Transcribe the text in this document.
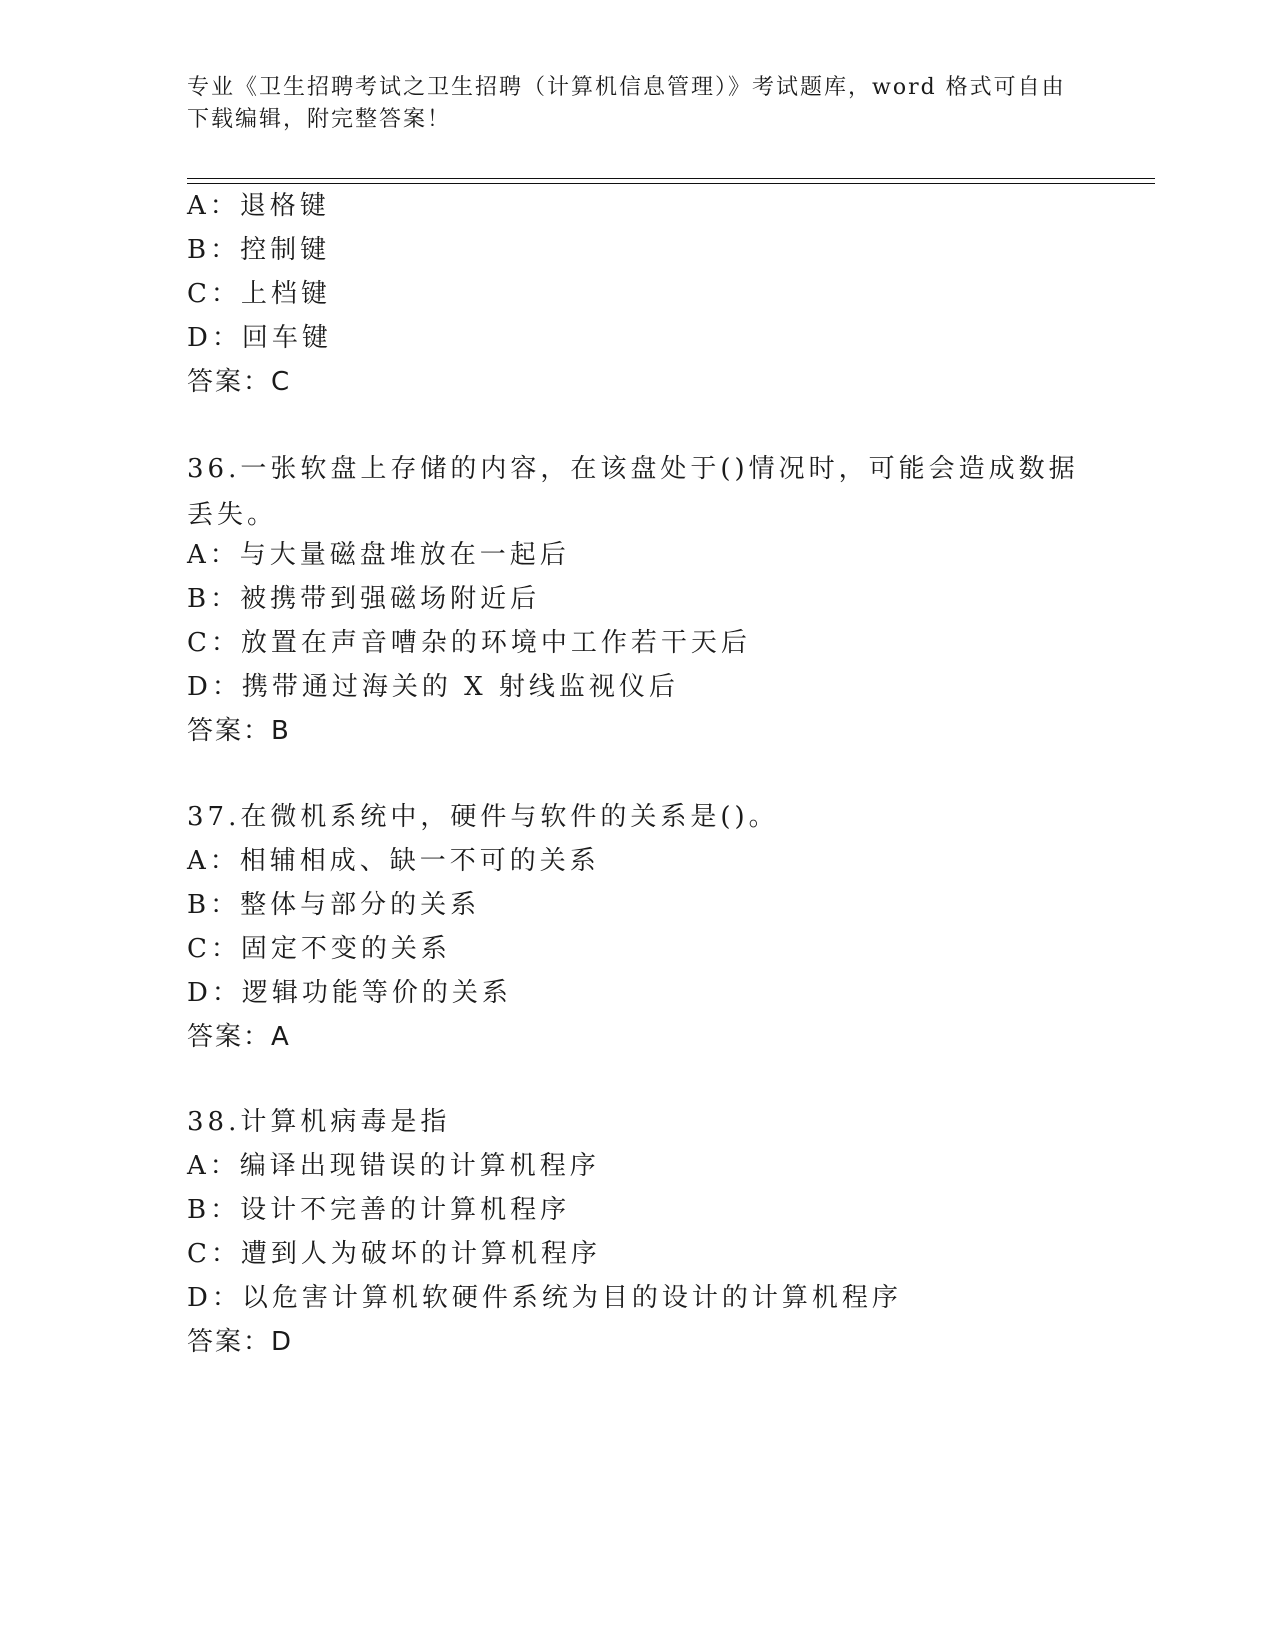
专业《卫生招聘考试之卫生招聘（计算机信息管理）》考试题库，word 格式可自由下载编辑，附完整答案！
A：退格键
B：控制键
C：上档键
D：回车键
答案：C
36.一张软盘上存储的内容，在该盘处于()情况时，可能会造成数据丢失。
A：与大量磁盘堆放在一起后
B：被携带到强磁场附近后
C：放置在声音嘈杂的环境中工作若干天后
D：携带通过海关的 X 射线监视仪后
答案：B
37.在微机系统中，硬件与软件的关系是()。
A：相辅相成、缺一不可的关系
B：整体与部分的关系
C：固定不变的关系
D：逻辑功能等价的关系
答案：A
38.计算机病毒是指
A：编译出现错误的计算机程序
B：设计不完善的计算机程序
C：遭到人为破坏的计算机程序
D：以危害计算机软硬件系统为目的设计的计算机程序
答案：D
